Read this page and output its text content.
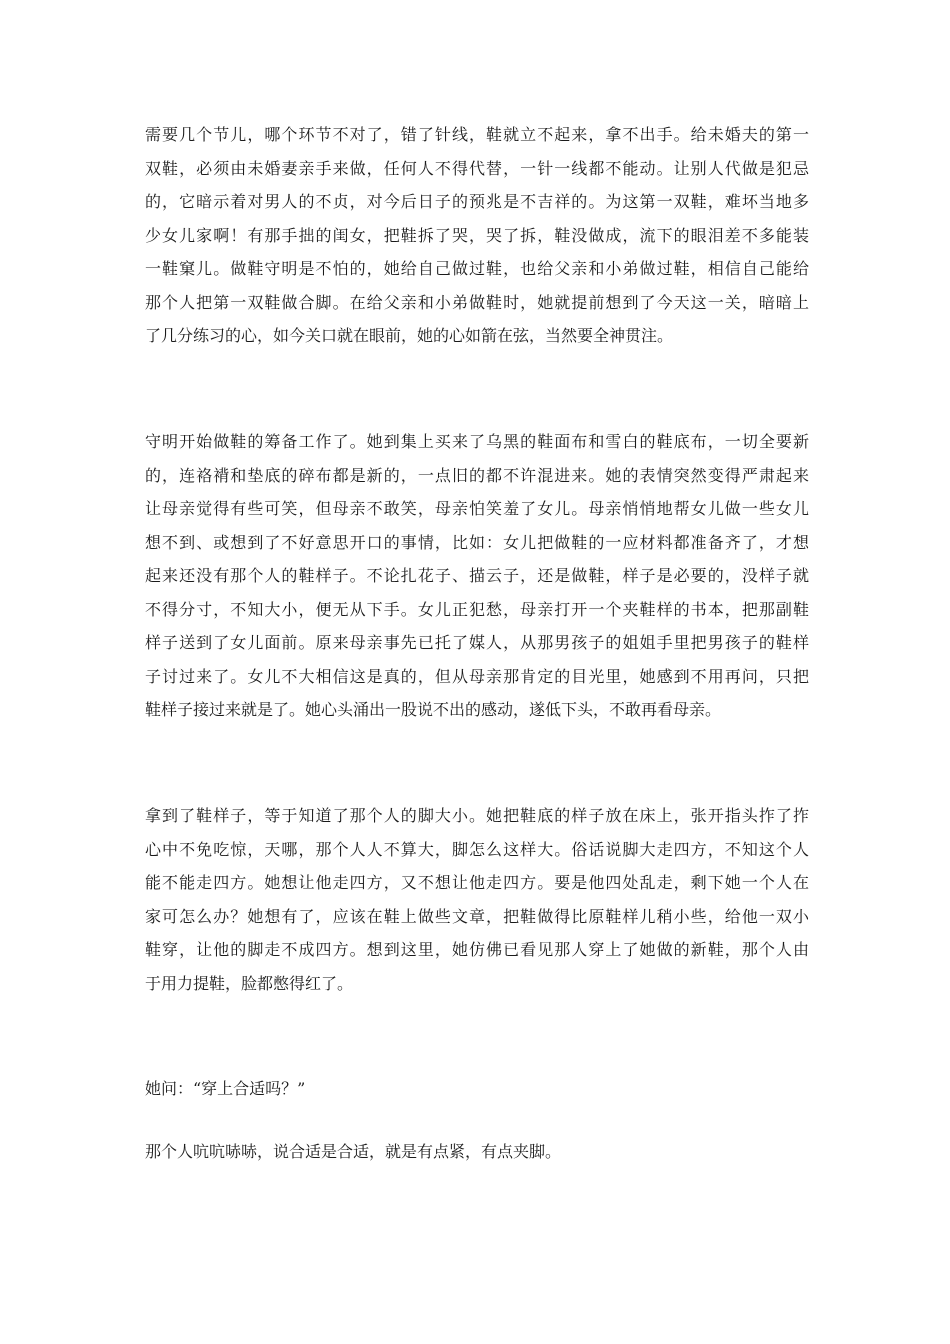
需要几个节儿，哪个环节不对了，错了针线，鞋就立不起来，拿不出手。给未婚夫的第一
双鞋，必须由未婚妻亲手来做，任何人不得代替，一针一线都不能动。让别人代做是犯忌
的，它暗示着对男人的不贞，对今后日子的预兆是不吉祥的。为这第一双鞋，难坏当地多
少女儿家啊！有那手拙的闺女，把鞋拆了哭，哭了拆，鞋没做成，流下的眼泪差不多能装
一鞋窠儿。做鞋守明是不怕的，她给自己做过鞋，也给父亲和小弟做过鞋，相信自己能给
那个人把第一双鞋做合脚。在给父亲和小弟做鞋时，她就提前想到了今天这一关，暗暗上
了几分练习的心，如今关口就在眼前，她的心如箭在弦，当然要全神贯注。

守明开始做鞋的筹备工作了。她到集上买来了乌黑的鞋面布和雪白的鞋底布，一切全要新
的，连袼褙和垫底的碎布都是新的，一点旧的都不许混进来。她的表情突然变得严肃起来
让母亲觉得有些可笑，但母亲不敢笑，母亲怕笑羞了女儿。母亲悄悄地帮女儿做一些女儿
想不到、或想到了不好意思开口的事情，比如：女儿把做鞋的一应材料都准备齐了，才想
起来还没有那个人的鞋样子。不论扎花子、描云子，还是做鞋，样子是必要的，没样子就
不得分寸，不知大小，便无从下手。女儿正犯愁，母亲打开一个夹鞋样的书本，把那副鞋
样子送到了女儿面前。原来母亲事先已托了媒人，从那男孩子的姐姐手里把男孩子的鞋样
子讨过来了。女儿不大相信这是真的，但从母亲那肯定的目光里，她感到不用再问，只把
鞋样子接过来就是了。她心头涌出一股说不出的感动，遂低下头，不敢再看母亲。

拿到了鞋样子，等于知道了那个人的脚大小。她把鞋底的样子放在床上，张开指头拃了拃
心中不免吃惊，天哪，那个人人不算大，脚怎么这样大。俗话说脚大走四方，不知这个人
能不能走四方。她想让他走四方，又不想让他走四方。要是他四处乱走，剩下她一个人在
家可怎么办？她想有了，应该在鞋上做些文章，把鞋做得比原鞋样儿稍小些，给他一双小
鞋穿，让他的脚走不成四方。想到这里，她仿佛已看见那人穿上了她做的新鞋，那个人由
于用力提鞋，脸都憋得红了。

她问：“穿上合适吗？”

那个人吭吭哧哧，说合适是合适，就是有点紧，有点夹脚。
